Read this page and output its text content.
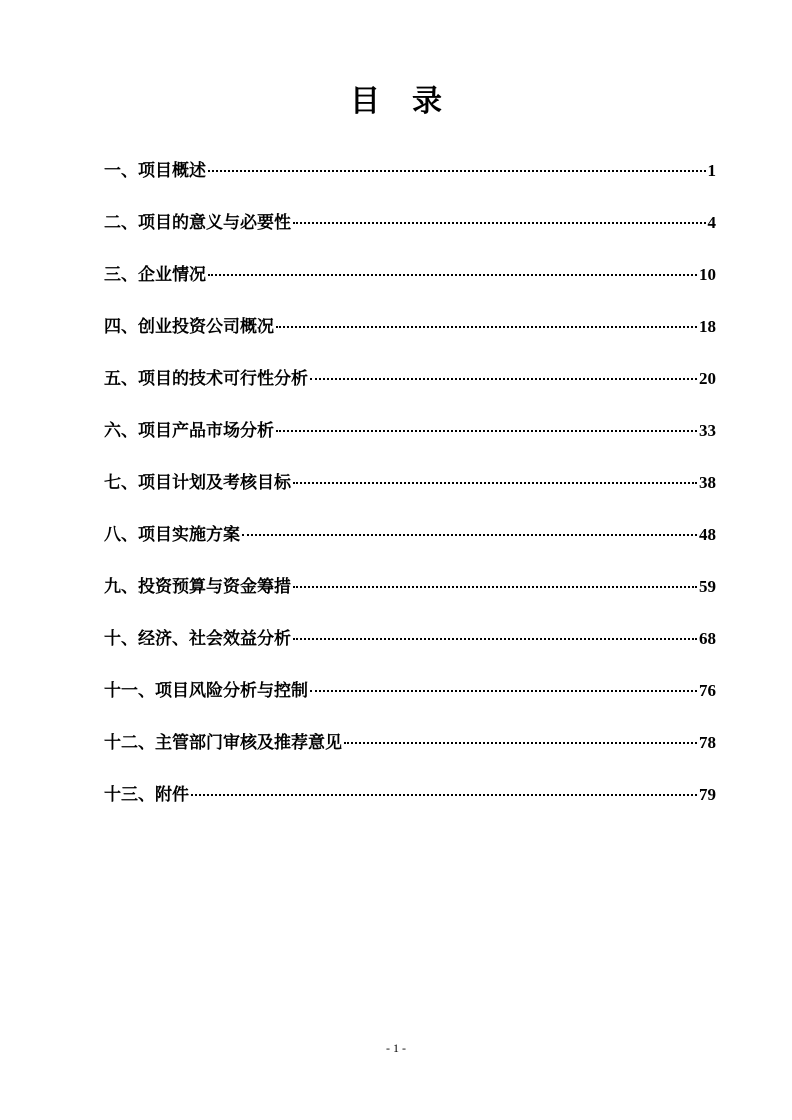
目录
一、项目概述	1
二、项目的意义与必要性	4
三、企业情况	10
四、创业投资公司概况	18
五、项目的技术可行性分析	20
六、项目产品市场分析	33
七、项目计划及考核目标	38
八、项目实施方案	48
九、投资预算与资金筹措	59
十、经济、社会效益分析	68
十一、项目风险分析与控制	76
十二、主管部门审核及推荐意见	78
十三、附件	79
- 1 -
